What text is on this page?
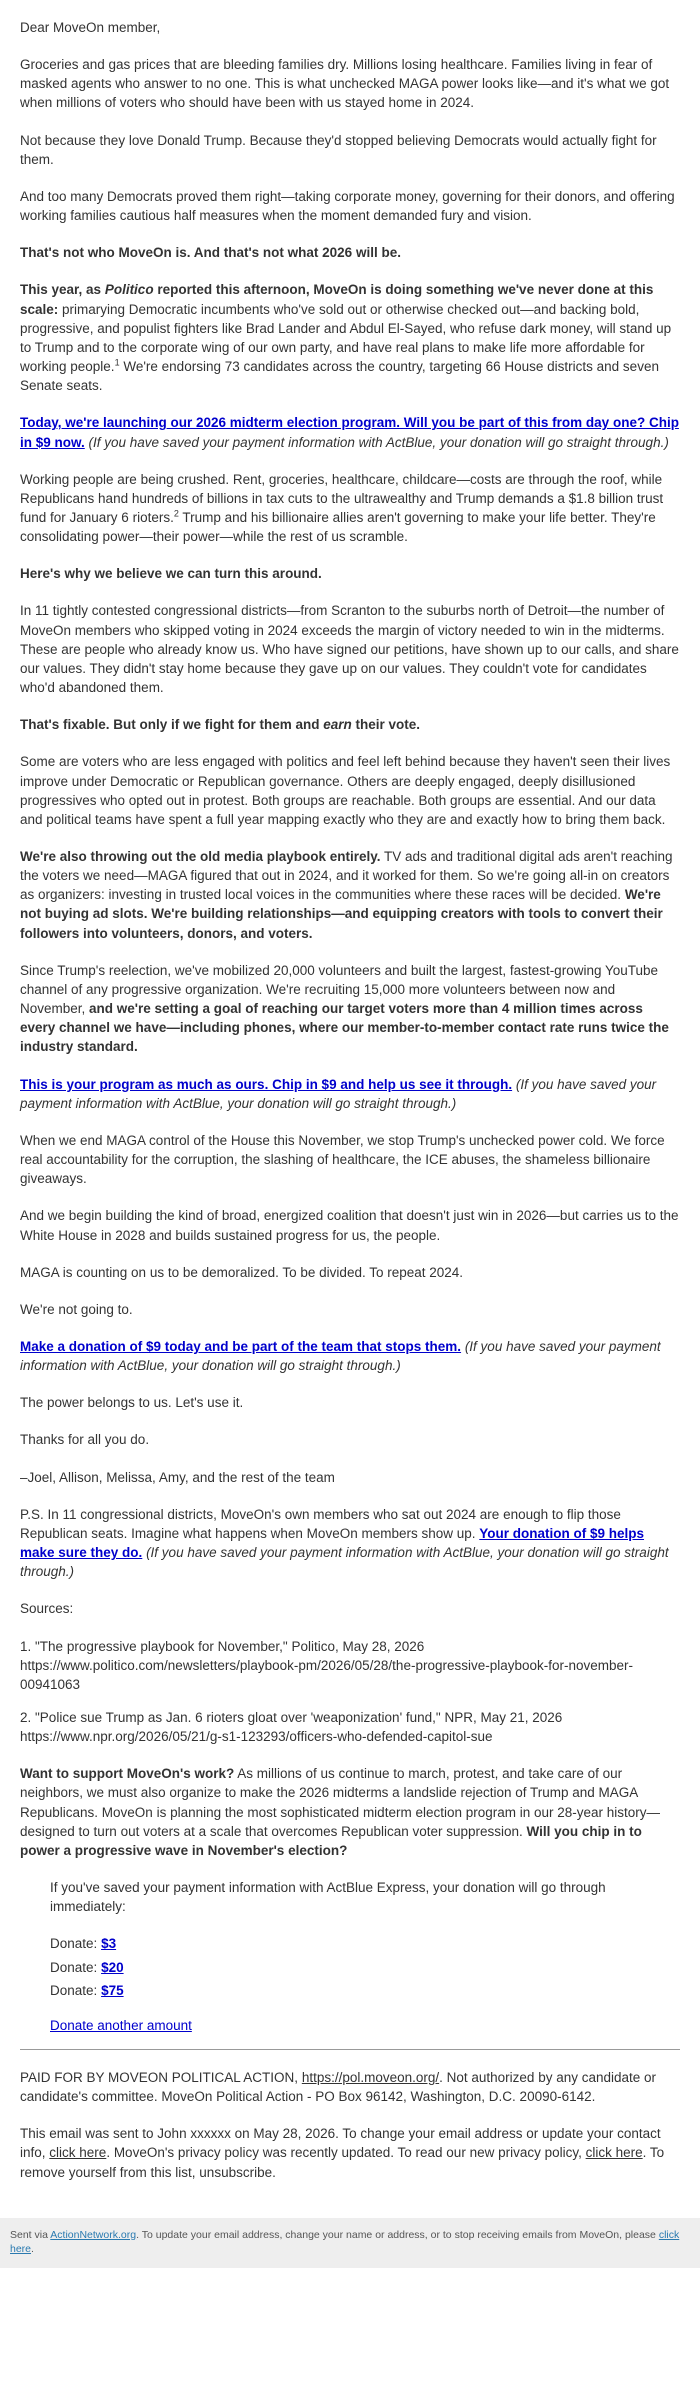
Dear MoveOn member,

Groceries and gas prices that are bleeding families dry. Millions losing healthcare. Families living in fear of masked agents who answer to no one. This is what unchecked MAGA power looks like—and it's what we got when millions of voters who should have been with us stayed home in 2024.

Not because they love Donald Trump. Because they'd stopped believing Democrats would actually fight for them.

And too many Democrats proved them right—taking corporate money, governing for their donors, and offering working families cautious half measures when the moment demanded fury and vision.

That's not who MoveOn is. And that's not what 2026 will be.

This year, as Politico reported this afternoon, MoveOn is doing something we've never done at this scale: primarying Democratic incumbents who've sold out or otherwise checked out—and backing bold, progressive, and populist fighters like Brad Lander and Abdul El-Sayed, who refuse dark money, will stand up to Trump and to the corporate wing of our own party, and have real plans to make life more affordable for working people.$^1$ We're endorsing 73 candidates across the country, targeting 66 House districts and seven Senate seats.

Today, we're launching our 2026 midterm election program. Will you be part of this from day one? Chip in $9 now. (If you have saved your payment information with ActBlue, your donation will go straight through.)

Working people are being crushed. Rent, groceries, healthcare, childcare—costs are through the roof, while Republicans hand hundreds of billions in tax cuts to the ultrawealthy and Trump demands a $1.8 billion trust fund for January 6 rioters.$^2$ Trump and his billionaire allies aren't governing to make your life better. They're consolidating power—their power—while the rest of us scramble.

Here's why we believe we can turn this around.

In 11 tightly contested congressional districts—from Scranton to the suburbs north of Detroit—the number of MoveOn members who skipped voting in 2024 exceeds the margin of victory needed to win in the midterms. These are people who already know us. Who have signed our petitions, have shown up to our calls, and share our values. They didn't stay home because they gave up on our values. They couldn't vote for candidates who'd abandoned them.

That's fixable. But only if we fight for them and earn their vote.

Some are voters who are less engaged with politics and feel left behind because they haven't seen their lives improve under Democratic or Republican governance. Others are deeply engaged, deeply disillusioned progressives who opted out in protest. Both groups are reachable. Both groups are essential. And our data and political teams have spent a full year mapping exactly who they are and exactly how to bring them back.

We're also throwing out the old media playbook entirely. TV ads and traditional digital ads aren't reaching the voters we need—MAGA figured that out in 2024, and it worked for them. So we're going all-in on creators as organizers: investing in trusted local voices in the communities where these races will be decided. We're not buying ad slots. We're building relationships—and equipping creators with tools to convert their followers into volunteers, donors, and voters.

Since Trump's reelection, we've mobilized 20,000 volunteers and built the largest, fastest-growing YouTube channel of any progressive organization. We're recruiting 15,000 more volunteers between now and November, and we're setting a goal of reaching our target voters more than 4 million times across every channel we have—including phones, where our member-to-member contact rate runs twice the industry standard.

This is your program as much as ours. Chip in $9 and help us see it through. (If you have saved your payment information with ActBlue, your donation will go straight through.)

When we end MAGA control of the House this November, we stop Trump's unchecked power cold. We force real accountability for the corruption, the slashing of healthcare, the ICE abuses, the shameless billionaire giveaways.

And we begin building the kind of broad, energized coalition that doesn't just win in 2026—but carries us to the White House in 2028 and builds sustained progress for us, the people.

MAGA is counting on us to be demoralized. To be divided. To repeat 2024.

We're not going to.

Make a donation of $9 today and be part of the team that stops them. (If you have saved your payment information with ActBlue, your donation will go straight through.)

The power belongs to us. Let's use it.

Thanks for all you do.

–Joel, Allison, Melissa, Amy, and the rest of the team

P.S. In 11 congressional districts, MoveOn's own members who sat out 2024 are enough to flip those Republican seats. Imagine what happens when MoveOn members show up. Your donation of $9 helps make sure they do. (If you have saved your payment information with ActBlue, your donation will go straight through.)

Sources:

1. "The progressive playbook for November," Politico, May 28, 2026
https://www.politico.com/newsletters/playbook-pm/2026/05/28/the-progressive-playbook-for-november-00941063

2. "Police sue Trump as Jan. 6 rioters gloat over 'weaponization' fund," NPR, May 21, 2026
https://www.npr.org/2026/05/21/g-s1-123293/officers-who-defended-capitol-sue

Want to support MoveOn's work? As millions of us continue to march, protest, and take care of our neighbors, we must also organize to make the 2026 midterms a landslide rejection of Trump and MAGA Republicans. MoveOn is planning the most sophisticated midterm election program in our 28-year history—designed to turn out voters at a scale that overcomes Republican voter suppression. Will you chip in to power a progressive wave in November's election?

If you've saved your payment information with ActBlue Express, your donation will go through immediately:

Donate: $3
Donate: $20
Donate: $75
Donate another amount

PAID FOR BY MOVEON POLITICAL ACTION, https://pol.moveon.org/. Not authorized by any candidate or candidate's committee. MoveOn Political Action - PO Box 96142, Washington, D.C. 20090-6142.

This email was sent to John xxxxxx on May 28, 2026. To change your email address or update your contact info, click here. MoveOn's privacy policy was recently updated. To read our new privacy policy, click here. To remove yourself from this list, unsubscribe.

Sent via ActionNetwork.org. To update your email address, change your name or address, or to stop receiving emails from MoveOn, please click here.
